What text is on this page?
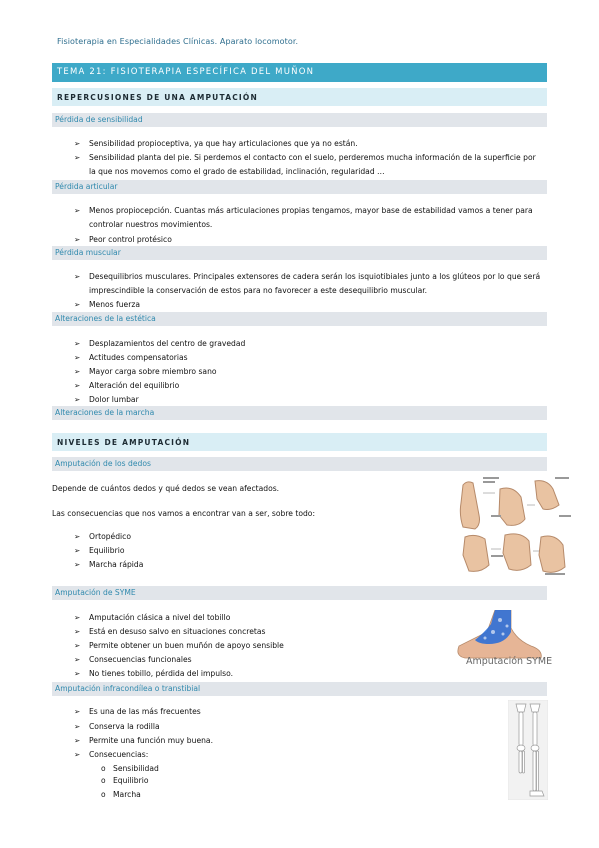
Fisioterapia en Especialidades Clínicas. Aparato locomotor.
TEMA 21: FISIOTERAPIA ESPECÍFICA DEL MUÑON
REPERCUSIONES DE UNA AMPUTACIÓN
Pérdida de sensibilidad
➢ Sensibilidad propioceptiva, ya que hay articulaciones que ya no están.
➢ Sensibilidad planta del pie. Si perdemos el contacto con el suelo, perderemos mucha información de la superficie por la que nos movemos como el grado de estabilidad, inclinación, regularidad …
Pérdida articular
➢ Menos propiocepción. Cuantas más articulaciones propias tengamos, mayor base de estabilidad vamos a tener para controlar nuestros movimientos.
➢ Peor control protésico
Pérdida muscular
➢ Desequilibrios musculares. Principales extensores de cadera serán los isquiotibiales junto a los glúteos por lo que será imprescindible la conservación de estos para no favorecer a este desequilibrio muscular.
➢ Menos fuerza
Alteraciones de la estética
➢ Desplazamientos del centro de gravedad
➢ Actitudes compensatorias
➢ Mayor carga sobre miembro sano
➢ Alteración del equilibrio
➢ Dolor lumbar
Alteraciones de la marcha
NIVELES DE AMPUTACIÓN
Amputación de los dedos
Depende de cuántos dedos y qué dedos se vean afectados.
Las consecuencias que nos vamos a encontrar van a ser, sobre todo:
➢ Ortopédico
➢ Equilibrio
➢ Marcha rápida
Amputación de SYME
➢ Amputación clásica a nivel del tobillo
➢ Está en desuso salvo en situaciones concretas
➢ Permite obtener un buen muñón de apoyo sensible
➢ Consecuencias funcionales
➢ No tienes tobillo, pérdida del impulso.
Amputación SYME
Amputación infracondílea o transtibial
➢ Es una de las más frecuentes
➢ Conserva la rodilla
➢ Permite una función muy buena.
➢ Consecuencias:
o Sensibilidad
o Equilibrio
o Marcha
